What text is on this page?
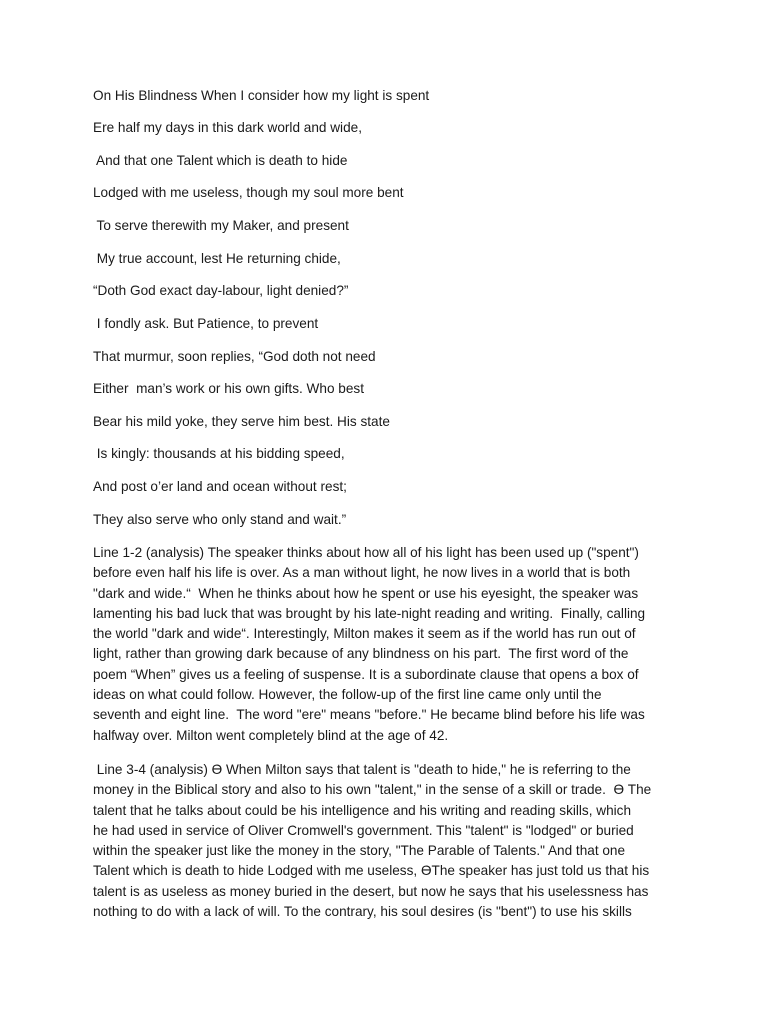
On His Blindness When I consider how my light is spent
Ere half my days in this dark world and wide,
And that one Talent which is death to hide
Lodged with me useless, though my soul more bent
To serve therewith my Maker, and present
My true account, lest He returning chide,
“Doth God exact day-labour, light denied?”
I fondly ask. But Patience, to prevent
That murmur, soon replies, “God doth not need
Either  man’s work or his own gifts. Who best
Bear his mild yoke, they serve him best. His state
Is kingly: thousands at his bidding speed,
And post o’er land and ocean without rest;
They also serve who only stand and wait.”
Line 1-2 (analysis) The speaker thinks about how all of his light has been used up ("spent")
before even half his life is over. As a man without light, he now lives in a world that is both
"dark and wide.“  When he thinks about how he spent or use his eyesight, the speaker was
lamenting his bad luck that was brought by his late-night reading and writing.  Finally, calling
the world "dark and wide“. Interestingly, Milton makes it seem as if the world has run out of
light, rather than growing dark because of any blindness on his part.  The first word of the
poem “When” gives us a feeling of suspense. It is a subordinate clause that opens a box of
ideas on what could follow. However, the follow-up of the first line came only until the
seventh and eight line.  The word "ere" means "before." He became blind before his life was
halfway over. Milton went completely blind at the age of 42.
Line 3-4 (analysis) ϴ When Milton says that talent is "death to hide," he is referring to the
money in the Biblical story and also to his own "talent," in the sense of a skill or trade.  ϴ The
talent that he talks about could be his intelligence and his writing and reading skills, which
he had used in service of Oliver Cromwell's government. This "talent" is "lodged" or buried
within the speaker just like the money in the story, "The Parable of Talents." And that one
Talent which is death to hide Lodged with me useless, ϴThe speaker has just told us that his
talent is as useless as money buried in the desert, but now he says that his uselessness has
nothing to do with a lack of will. To the contrary, his soul desires (is "bent") to use his skills
